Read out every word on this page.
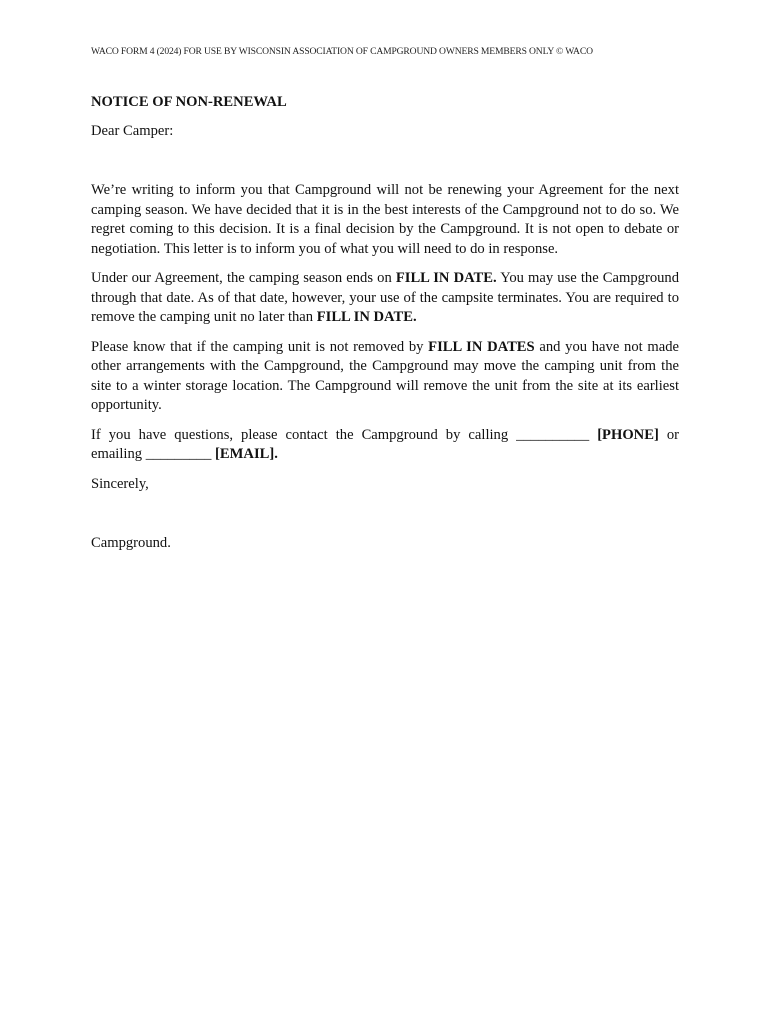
WACO FORM 4 (2024) FOR USE BY WISCONSIN ASSOCIATION OF CAMPGROUND OWNERS MEMBERS ONLY © WACO

NOTICE OF NON-RENEWAL

Dear Camper:

We’re writing to inform you that Campground will not be renewing your Agreement for the next camping season. We have decided that it is in the best interests of the Campground not to do so. We regret coming to this decision. It is a final decision by the Campground. It is not open to debate or negotiation. This letter is to inform you of what you will need to do in response.

Under our Agreement, the camping season ends on FILL IN DATE. You may use the Campground through that date. As of that date, however, your use of the campsite terminates. You are required to remove the camping unit no later than FILL IN DATE.

Please know that if the camping unit is not removed by FILL IN DATES and you have not made other arrangements with the Campground, the Campground may move the camping unit from the site to a winter storage location. The Campground will remove the unit from the site at its earliest opportunity.

If you have questions, please contact the Campground by calling __________ [PHONE] or emailing _________ [EMAIL].

Sincerely,

Campground.
